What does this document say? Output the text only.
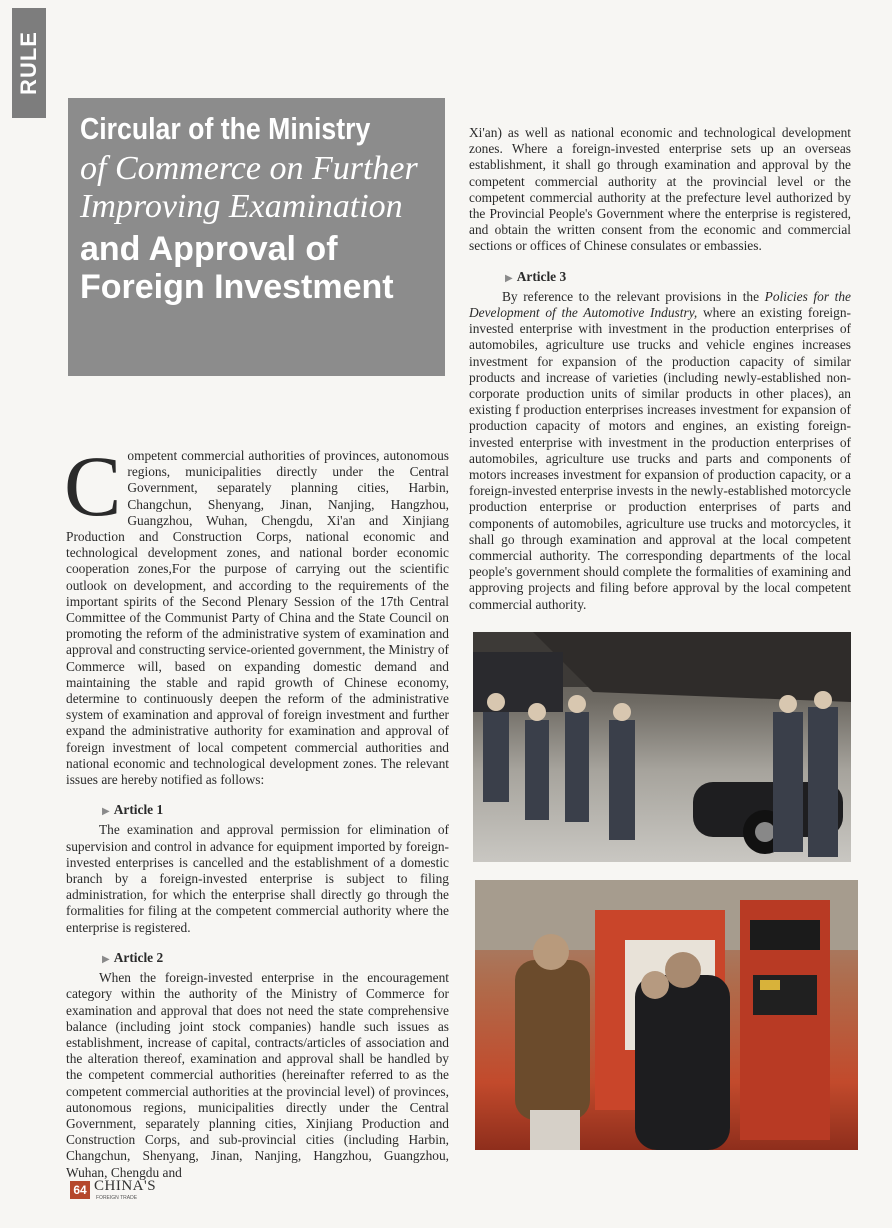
RULE
Circular of the Ministry
of Commerce on Further Improving Examination
and Approval of Foreign Investment

Competent commercial authorities of provinces, autonomous regions, municipalities directly under the Central Government, separately planning cities, Harbin, Changchun, Shenyang, Jinan, Nanjing, Hangzhou, Guangzhou, Wuhan, Chengdu, Xi'an and Xinjiang Production and Construction Corps, national economic and technological development zones, and national border economic cooperation zones,For the purpose of carrying out the scientific outlook on development, and according to the requirements of the important spirits of the Second Plenary Session of the 17th Central Committee of the Communist Party of China and the State Council on promoting the reform of the administrative system of examination and approval and constructing service-oriented government, the Ministry of Commerce will, based on expanding domestic demand and maintaining the stable and rapid growth of Chinese economy, determine to continuously deepen the reform of the administrative system of examination and approval of foreign investment and further expand the administrative authority for examination and approval of foreign investment of local competent commercial authorities and national economic and technological development zones. The relevant issues are hereby notified as follows:

▶ Article 1

The examination and approval permission for elimination of supervision and control in advance for equipment imported by foreign-invested enterprises is cancelled and the establishment of a domestic branch by a foreign-invested enterprise is subject to filing administration, for which the enterprise shall directly go through the formalities for filing at the competent commercial authority where the enterprise is registered.

▶ Article 2

When the foreign-invested enterprise in the encouragement category within the authority of the Ministry of Commerce for examination and approval that does not need the state comprehensive balance (including joint stock companies) handle such issues as establishment, increase of capital, contracts/articles of association and the alteration thereof, examination and approval shall be handled by the competent commercial authorities (hereinafter referred to as the competent commercial authorities at the provincial level) of provinces, autonomous regions, municipalities directly under the Central Government, separately planning cities, Xinjiang Production and Construction Corps, and sub-provincial cities (including Harbin, Changchun, Shenyang, Jinan, Nanjing, Hangzhou, Guangzhou, Wuhan, Chengdu and

Xi'an) as well as national economic and technological development zones. Where a foreign-invested enterprise sets up an overseas establishment, it shall go through examination and approval by the competent commercial authority at the provincial level or the competent commercial authority at the prefecture level authorized by the Provincial People's Government where the enterprise is registered, and obtain the written consent from the economic and commercial sections or offices of Chinese consulates or embassies.

▶ Article 3

By reference to the relevant provisions in the Policies for the Development of the Automotive Industry, where an existing foreign-invested enterprise with investment in the production enterprises of automobiles, agriculture use trucks and vehicle engines increases investment for expansion of the production capacity of similar products and increase of varieties (including newly-established non-corporate production units of similar products in other places), an existing f production enterprises increases investment for expansion of production capacity of motors and engines, an existing foreign-invested enterprise with investment in the production enterprises of automobiles, agriculture use trucks and parts and components of motors increases investment for expansion of production capacity, or a foreign-invested enterprise invests in the newly-established motorcycle production enterprise or production enterprises of parts and components of automobiles, agriculture use trucks and motorcycles, it shall go through examination and approval at the local competent commercial authority. The corresponding departments of the local people's government should complete the formalities of examining and approving projects and filing before approval by the local competent commercial authority.

64 CHINA'S
FOREIGN TRADE
